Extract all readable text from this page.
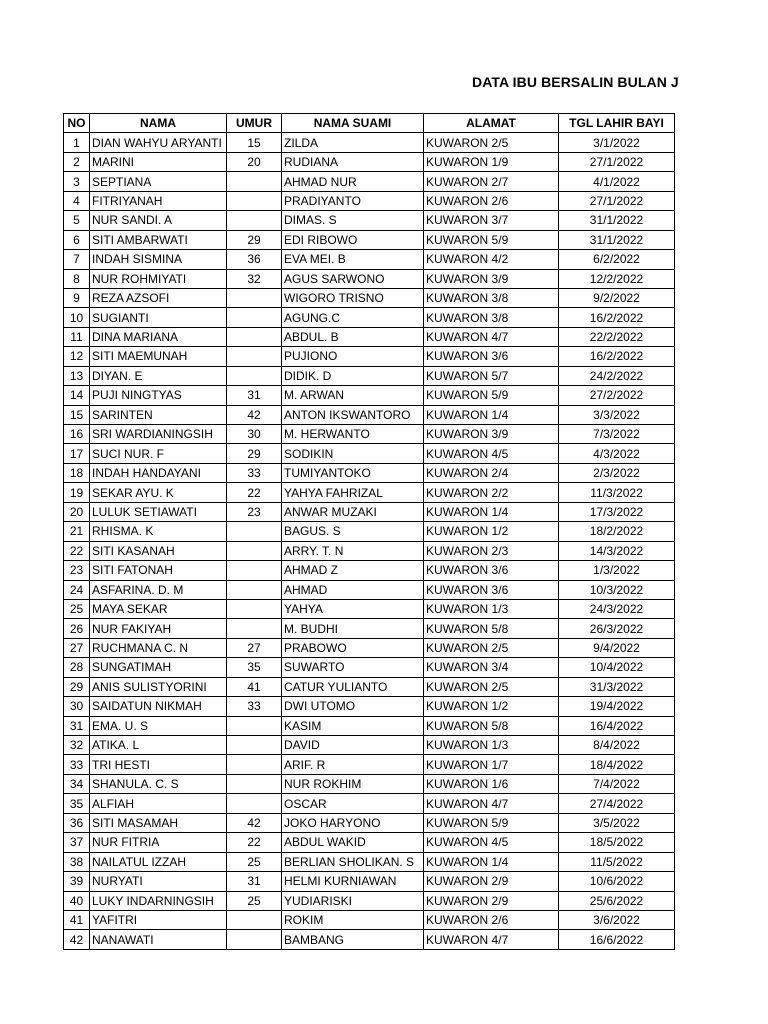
DATA IBU BERSALIN BULAN J
NO	NAMA	UMUR	NAMA SUAMI	ALAMAT	TGL LAHIR BAYI
1	DIAN WAHYU ARYANTI	15	ZILDA	KUWARON 2/5	3/1/2022
2	MARINI	20	RUDIANA	KUWARON 1/9	27/1/2022
3	SEPTIANA		AHMAD NUR	KUWARON 2/7	4/1/2022
4	FITRIYANAH		PRADIYANTO	KUWARON 2/6	27/1/2022
5	NUR SANDI. A		DIMAS. S	KUWARON 3/7	31/1/2022
6	SITI AMBARWATI	29	EDI RIBOWO	KUWARON 5/9	31/1/2022
7	INDAH SISMINA	36	EVA MEI. B	KUWARON 4/2	6/2/2022
8	NUR ROHMIYATI	32	AGUS SARWONO	KUWARON 3/9	12/2/2022
9	REZA AZSOFI		WIGORO TRISNO	KUWARON 3/8	9/2/2022
10	SUGIANTI		AGUNG.C	KUWARON 3/8	16/2/2022
11	DINA MARIANA		ABDUL. B	KUWARON 4/7	22/2/2022
12	SITI MAEMUNAH		PUJIONO	KUWARON 3/6	16/2/2022
13	DIYAN. E		DIDIK. D	KUWARON 5/7	24/2/2022
14	PUJI NINGTYAS	31	M. ARWAN	KUWARON 5/9	27/2/2022
15	SARINTEN	42	ANTON IKSWANTORO	KUWARON 1/4	3/3/2022
16	SRI WARDIANINGSIH	30	M. HERWANTO	KUWARON 3/9	7/3/2022
17	SUCI NUR. F	29	SODIKIN	KUWARON 4/5	4/3/2022
18	INDAH HANDAYANI	33	TUMIYANTOKO	KUWARON 2/4	2/3/2022
19	SEKAR AYU. K	22	YAHYA FAHRIZAL	KUWARON 2/2	11/3/2022
20	LULUK SETIAWATI	23	ANWAR MUZAKI	KUWARON 1/4	17/3/2022
21	RHISMA. K		BAGUS. S	KUWARON 1/2	18/2/2022
22	SITI KASANAH		ARRY. T. N	KUWARON 2/3	14/3/2022
23	SITI FATONAH		AHMAD Z	KUWARON 3/6	1/3/2022
24	ASFARINA. D. M		AHMAD	KUWARON 3/6	10/3/2022
25	MAYA SEKAR		YAHYA	KUWARON 1/3	24/3/2022
26	NUR FAKIYAH		M. BUDHI	KUWARON 5/8	26/3/2022
27	RUCHMANA C. N	27	PRABOWO	KUWARON 2/5	9/4/2022
28	SUNGATIMAH	35	SUWARTO	KUWARON 3/4	10/4/2022
29	ANIS SULISTYORINI	41	CATUR YULIANTO	KUWARON 2/5	31/3/2022
30	SAIDATUN NIKMAH	33	DWI UTOMO	KUWARON 1/2	19/4/2022
31	EMA. U. S		KASIM	KUWARON 5/8	16/4/2022
32	ATIKA. L		DAVID	KUWARON 1/3	8/4/2022
33	TRI HESTI		ARIF. R	KUWARON 1/7	18/4/2022
34	SHANULA. C. S		NUR ROKHIM	KUWARON 1/6	7/4/2022
35	ALFIAH		OSCAR	KUWARON 4/7	27/4/2022
36	SITI MASAMAH	42	JOKO HARYONO	KUWARON 5/9	3/5/2022
37	NUR FITRIA	22	ABDUL WAKID	KUWARON 4/5	18/5/2022
38	NAILATUL IZZAH	25	BERLIAN SHOLIKAN. S	KUWARON 1/4	11/5/2022
39	NURYATI	31	HELMI KURNIAWAN	KUWARON 2/9	10/6/2022
40	LUKY INDARNINGSIH	25	YUDIARISKI	KUWARON 2/9	25/6/2022
41	YAFITRI		ROKIM	KUWARON 2/6	3/6/2022
42	NANAWATI		BAMBANG	KUWARON 4/7	16/6/2022
